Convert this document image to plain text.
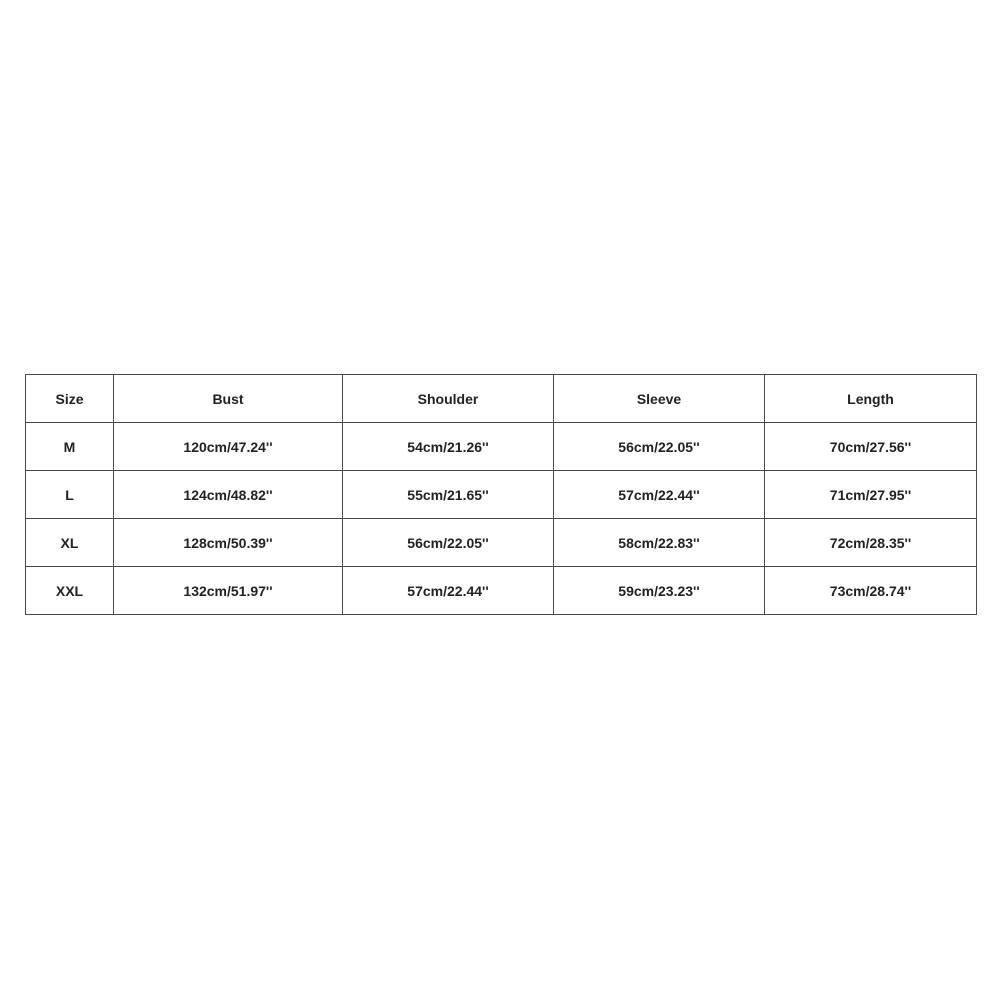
Size	Bust	Shoulder	Sleeve	Length
M	120cm/47.24''	54cm/21.26''	56cm/22.05''	70cm/27.56''
L	124cm/48.82''	55cm/21.65''	57cm/22.44''	71cm/27.95''
XL	128cm/50.39''	56cm/22.05''	58cm/22.83''	72cm/28.35''
XXL	132cm/51.97''	57cm/22.44''	59cm/23.23''	73cm/28.74''
